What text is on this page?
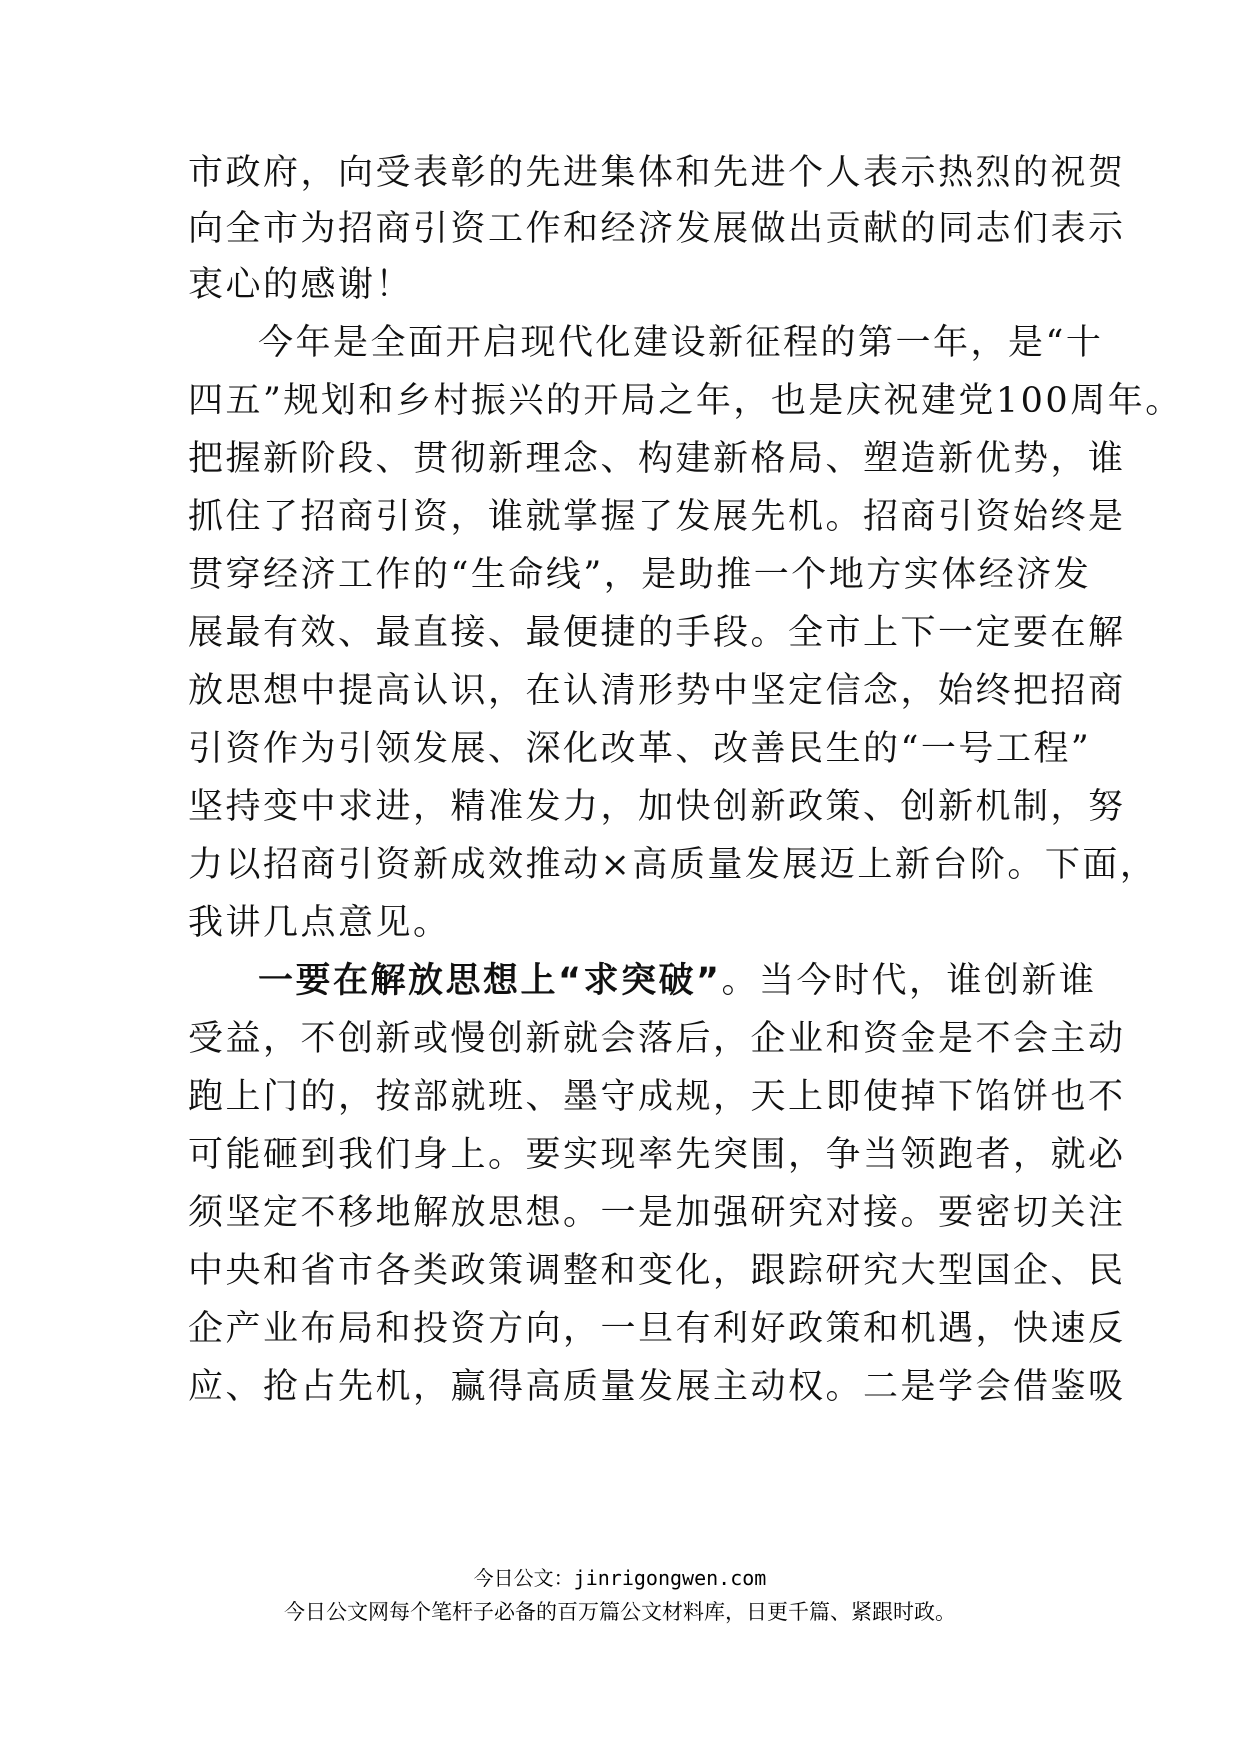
市政府，向受表彰的先进集体和先进个人表示热烈的祝贺
向全市为招商引资工作和经济发展做出贡献的同志们表示
衷心的感谢！
今年是全面开启现代化建设新征程的第一年，是“十
四五”规划和乡村振兴的开局之年，也是庆祝建党100周年。
把握新阶段、贯彻新理念、构建新格局、塑造新优势，谁
抓住了招商引资，谁就掌握了发展先机。招商引资始终是
贯穿经济工作的“生命线”，是助推一个地方实体经济发
展最有效、最直接、最便捷的手段。全市上下一定要在解
放思想中提高认识，在认清形势中坚定信念，始终把招商
引资作为引领发展、深化改革、改善民生的“一号工程”
坚持变中求进，精准发力，加快创新政策、创新机制，努
力以招商引资新成效推动×高质量发展迈上新台阶。下面，
我讲几点意见。
一要在解放思想上“求突破”。当今时代，谁创新谁
受益，不创新或慢创新就会落后，企业和资金是不会主动
跑上门的，按部就班、墨守成规，天上即使掉下馅饼也不
可能砸到我们身上。要实现率先突围，争当领跑者，就必
须坚定不移地解放思想。一是加强研究对接。要密切关注
中央和省市各类政策调整和变化，跟踪研究大型国企、民
企产业布局和投资方向，一旦有利好政策和机遇，快速反
应、抢占先机，赢得高质量发展主动权。二是学会借鉴吸
今日公文：jinrigongwen.com
今日公文网每个笔杆子必备的百万篇公文材料库，日更千篇、紧跟时政。
